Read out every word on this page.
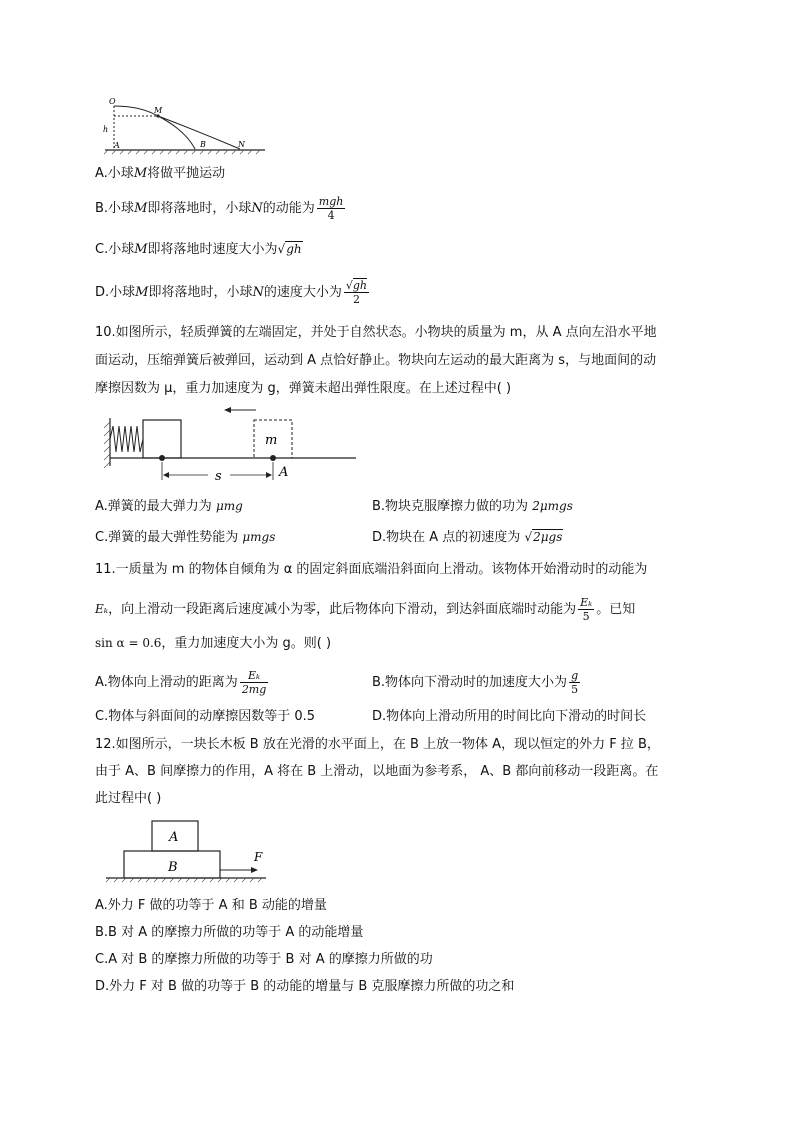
O
M
h
A	B	N
A.小球M将做平抛运动
B.小球M即将落地时，小球N的动能为 $\frac{\text{mgh}}{4}$
C.小球M即将落地时速度大小为√gh
D.小球M即将落地时，小球N的速度大小为 $\frac{√gh}{2}$
10.如图所示，轻质弹簧的左端固定，并处于自然状态。小物块的质量为 m，从 A 点向左沿水平地
面运动，压缩弹簧后被弹回，运动到 A 点恰好静止。物块向左运动的最大距离为 s，与地面间的动
摩擦因数为 μ，重力加速度为 g，弹簧未超出弹性限度。在上述过程中( )
m
s	A
A.弹簧的最大弹力为 μmg	B.物块克服摩擦力做的功为 2μmgs
C.弹簧的最大弹性势能为 μmgs	D.物块在 A 点的初速度为 √2μgs
11.一质量为 m 的物体自倾角为 α 的固定斜面底端沿斜面向上滑动。该物体开始滑动时的动能为
Eₖ，向上滑动一段距离后速度减小为零，此后物体向下滑动，到达斜面底端时动能为 $\frac{\text{Eₖ}}{5}$ 。已知
sin α = 0.6，重力加速度大小为 g。则( )
A.物体向上滑动的距离为 $\frac{\text{Eₖ}}{2mg}$	B.物体向下滑动时的加速度大小为 $\frac{g}{5}$
C.物体与斜面间的动摩擦因数等于 0.5	D.物体向上滑动所用的时间比向下滑动的时间长
12.如图所示，一块长木板 B 放在光滑的水平面上，在 B 上放一物体 A，现以恒定的外力 F 拉 B，
由于 A、B 间摩擦力的作用，A 将在 B 上滑动，以地面为参考系， A、B 都向前移动一段距离。在
此过程中( )
A
B
F
A.外力 F 做的功等于 A 和 B 动能的增量
B.B 对 A 的摩擦力所做的功等于 A 的动能增量
C.A 对 B 的摩擦力所做的功等于 B 对 A 的摩擦力所做的功
D.外力 F 对 B 做的功等于 B 的动能的增量与 B 克服摩擦力所做的功之和
